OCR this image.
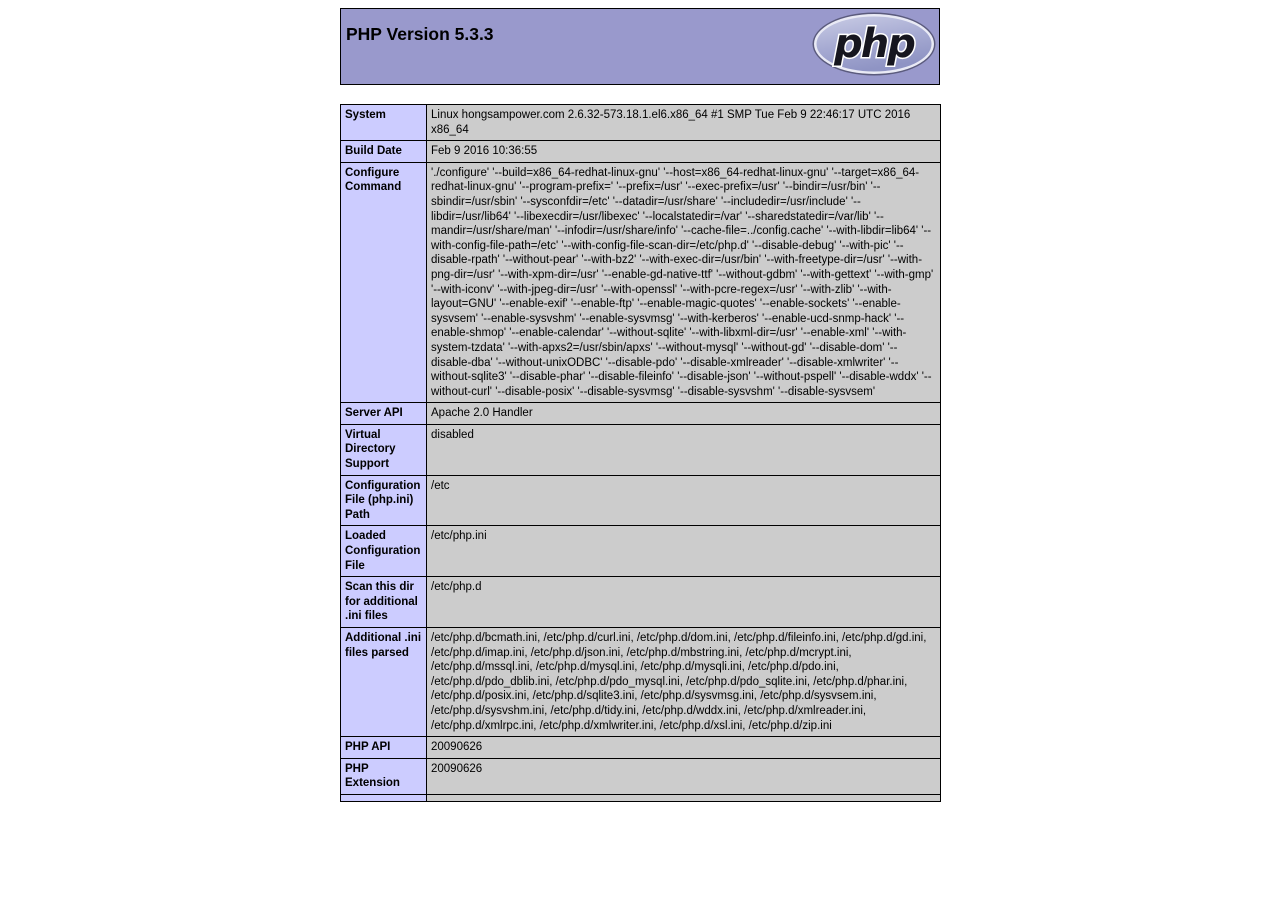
php
PHP Version 5.3.3
System	Linux hongsampower.com 2.6.32-573.18.1.el6.x86_64 #1 SMP Tue Feb 9 22:46:17 UTC 2016 x86_64
Build Date	Feb 9 2016 10:36:55
Configure Command	'./configure' '--build=x86_64-redhat-linux-gnu' '--host=x86_64-redhat-linux-gnu' '--target=x86_64-redhat-linux-gnu' '--program-prefix=' '--prefix=/usr' '--exec-prefix=/usr' '--bindir=/usr/bin' '--sbindir=/usr/sbin' '--sysconfdir=/etc' '--datadir=/usr/share' '--includedir=/usr/include' '--libdir=/usr/lib64' '--libexecdir=/usr/libexec' '--localstatedir=/var' '--sharedstatedir=/var/lib' '--mandir=/usr/share/man' '--infodir=/usr/share/info' '--cache-file=../config.cache' '--with-libdir=lib64' '--with-config-file-path=/etc' '--with-config-file-scan-dir=/etc/php.d' '--disable-debug' '--with-pic' '--disable-rpath' '--without-pear' '--with-bz2' '--with-exec-dir=/usr/bin' '--with-freetype-dir=/usr' '--with-png-dir=/usr' '--with-xpm-dir=/usr' '--enable-gd-native-ttf' '--without-gdbm' '--with-gettext' '--with-gmp' '--with-iconv' '--with-jpeg-dir=/usr' '--with-openssl' '--with-pcre-regex=/usr' '--with-zlib' '--with-layout=GNU' '--enable-exif' '--enable-ftp' '--enable-magic-quotes' '--enable-sockets' '--enable-sysvsem' '--enable-sysvshm' '--enable-sysvmsg' '--with-kerberos' '--enable-ucd-snmp-hack' '--enable-shmop' '--enable-calendar' '--without-sqlite' '--with-libxml-dir=/usr' '--enable-xml' '--with-system-tzdata' '--with-apxs2=/usr/sbin/apxs' '--without-mysql' '--without-gd' '--disable-dom' '--disable-dba' '--without-unixODBC' '--disable-pdo' '--disable-xmlreader' '--disable-xmlwriter' '--without-sqlite3' '--disable-phar' '--disable-fileinfo' '--disable-json' '--without-pspell' '--disable-wddx' '--without-curl' '--disable-posix' '--disable-sysvmsg' '--disable-sysvshm' '--disable-sysvsem'
Server API	Apache 2.0 Handler
Virtual Directory Support	disabled
Configuration File (php.ini) Path	/etc
Loaded Configuration File	/etc/php.ini
Scan this dir for additional .ini files	/etc/php.d
Additional .ini files parsed	/etc/php.d/bcmath.ini, /etc/php.d/curl.ini, /etc/php.d/dom.ini, /etc/php.d/fileinfo.ini, /etc/php.d/gd.ini, /etc/php.d/imap.ini, /etc/php.d/json.ini, /etc/php.d/mbstring.ini, /etc/php.d/mcrypt.ini, /etc/php.d/mssql.ini, /etc/php.d/mysql.ini, /etc/php.d/mysqli.ini, /etc/php.d/pdo.ini, /etc/php.d/pdo_dblib.ini, /etc/php.d/pdo_mysql.ini, /etc/php.d/pdo_sqlite.ini, /etc/php.d/phar.ini, /etc/php.d/posix.ini, /etc/php.d/sqlite3.ini, /etc/php.d/sysvmsg.ini, /etc/php.d/sysvsem.ini, /etc/php.d/sysvshm.ini, /etc/php.d/tidy.ini, /etc/php.d/wddx.ini, /etc/php.d/xmlreader.ini, /etc/php.d/xmlrpc.ini, /etc/php.d/xmlwriter.ini, /etc/php.d/xsl.ini, /etc/php.d/zip.ini
PHP API	20090626
PHP Extension	20090626
